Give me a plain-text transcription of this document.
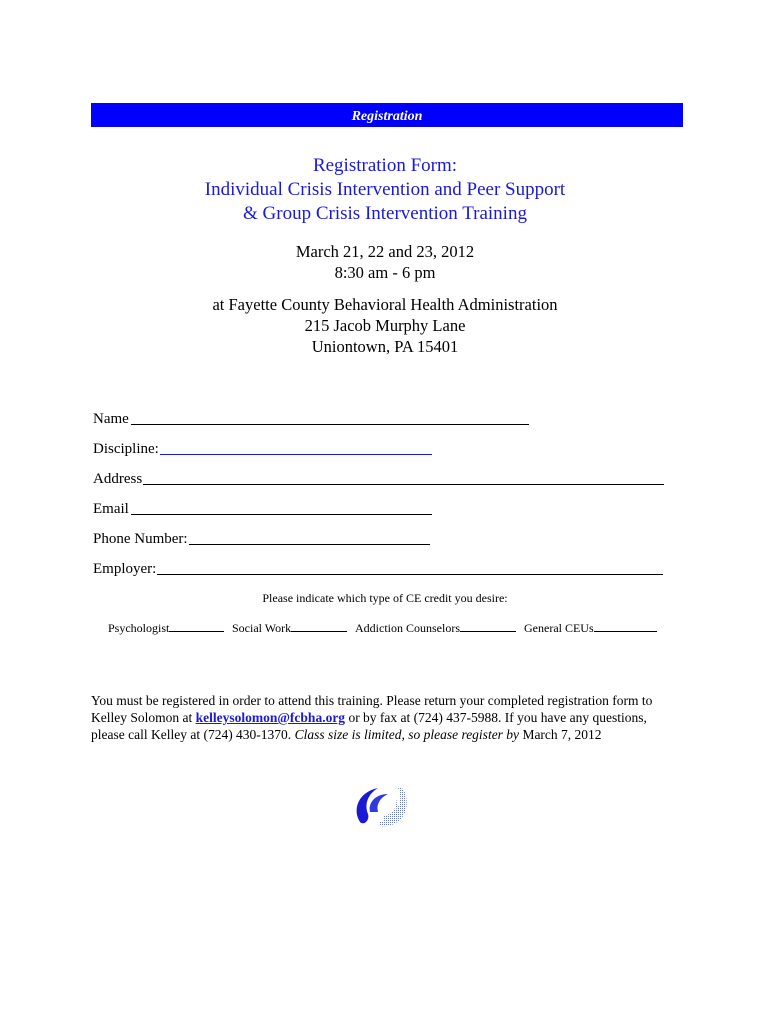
Registration
Registration Form:
Individual Crisis Intervention and Peer Support
& Group Crisis Intervention Training
March 21, 22 and 23, 2012
8:30 am - 6 pm
at Fayette County Behavioral Health Administration
215 Jacob Murphy Lane
Uniontown, PA 15401
Name
Discipline:
Address
Email
Phone Number:
Employer:
Please indicate which type of CE credit you desire:
Psychologist	Social Work	Addiction Counselors	General CEUs
You must be registered in order to attend this training. Please return your completed registration form to
Kelley Solomon at kelleysolomon@fcbha.org or by fax at (724) 437-5988. If you have any questions,
please call Kelley at (724) 430-1370. Class size is limited, so please register by March 7, 2012
